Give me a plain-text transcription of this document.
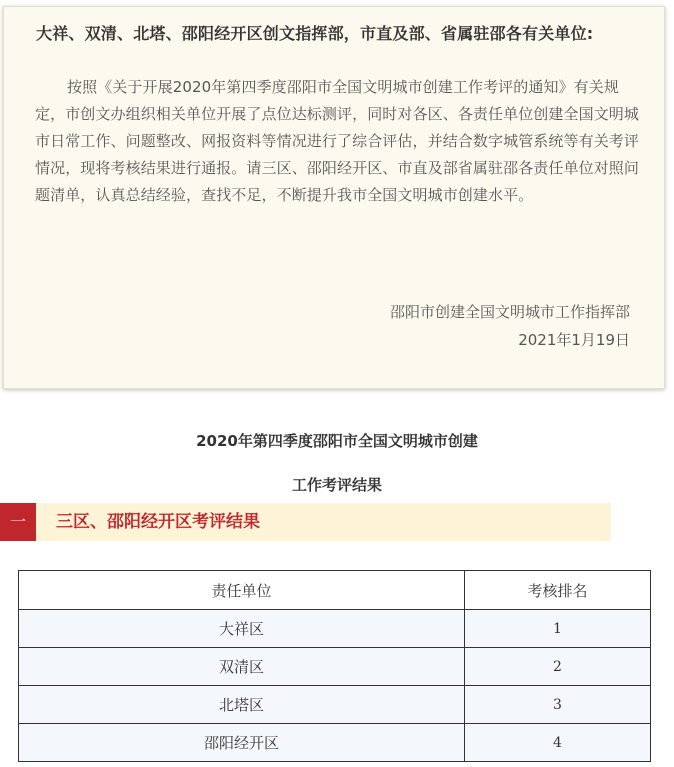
大祥、双清、北塔、邵阳经开区创文指挥部，市直及部、省属驻邵各有关单位:

按照《关于开展2020年第四季度邵阳市全国文明城市创建工作考评的通知》有关规定，市创文办组织相关单位开展了点位达标测评，同时对各区、各责任单位创建全国文明城市日常工作、问题整改、网报资料等情况进行了综合评估，并结合数字城管系统等有关考评情况，现将考核结果进行通报。请三区、邵阳经开区、市直及部省属驻邵各责任单位对照问题清单，认真总结经验，查找不足，不断提升我市全国文明城市创建水平。

邵阳市创建全国文明城市工作指挥部
2021年1月19日
2020年第四季度邵阳市全国文明城市创建
工作考评结果
一	三区、邵阳经开区考评结果
责任单位	考核排名
大祥区	1
双清区	2
北塔区	3
邵阳经开区	4
